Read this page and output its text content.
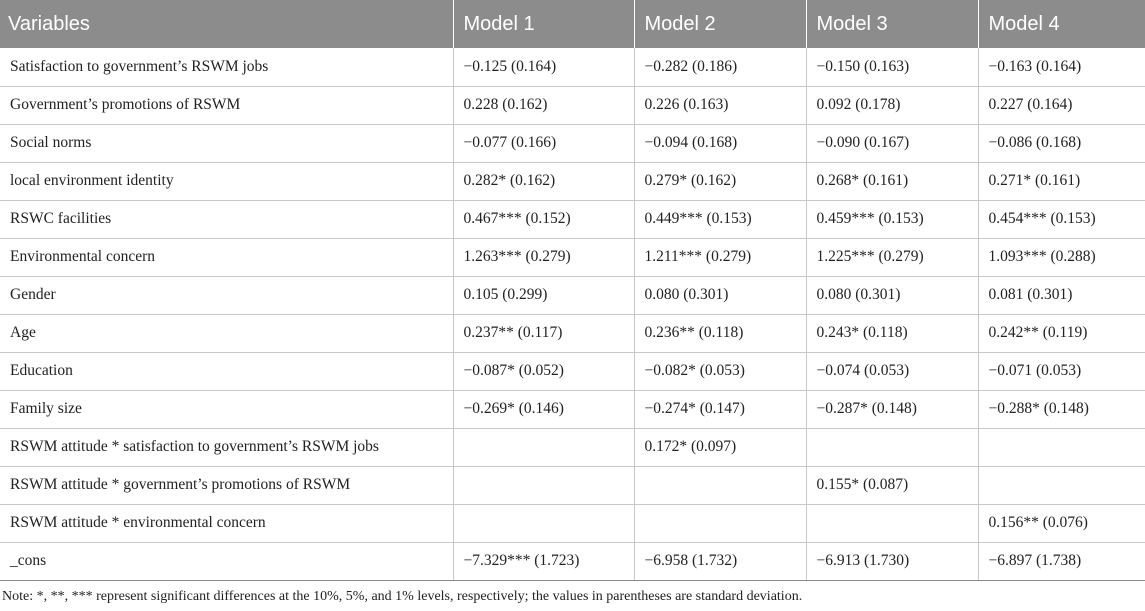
Variables	Model 1	Model 2	Model 3	Model 4
Satisfaction to government’s RSWM jobs	−0.125 (0.164)	−0.282 (0.186)	−0.150 (0.163)	−0.163 (0.164)
Government’s promotions of RSWM	0.228 (0.162)	0.226 (0.163)	0.092 (0.178)	0.227 (0.164)
Social norms	−0.077 (0.166)	−0.094 (0.168)	−0.090 (0.167)	−0.086 (0.168)
local environment identity	0.282* (0.162)	0.279* (0.162)	0.268* (0.161)	0.271* (0.161)
RSWC facilities	0.467*** (0.152)	0.449*** (0.153)	0.459*** (0.153)	0.454*** (0.153)
Environmental concern	1.263*** (0.279)	1.211*** (0.279)	1.225*** (0.279)	1.093*** (0.288)
Gender	0.105 (0.299)	0.080 (0.301)	0.080 (0.301)	0.081 (0.301)
Age	0.237** (0.117)	0.236** (0.118)	0.243* (0.118)	0.242** (0.119)
Education	−0.087* (0.052)	−0.082* (0.053)	−0.074 (0.053)	−0.071 (0.053)
Family size	−0.269* (0.146)	−0.274* (0.147)	−0.287* (0.148)	−0.288* (0.148)
RSWM attitude * satisfaction to government’s RSWM jobs		0.172* (0.097)		
RSWM attitude * government’s promotions of RSWM			0.155* (0.087)	
RSWM attitude * environmental concern				0.156** (0.076)
_cons	−7.329*** (1.723)	−6.958 (1.732)	−6.913 (1.730)	−6.897 (1.738)
Note: *, **, *** represent significant differences at the 10%, 5%, and 1% levels, respectively; the values in parentheses are standard deviation.
